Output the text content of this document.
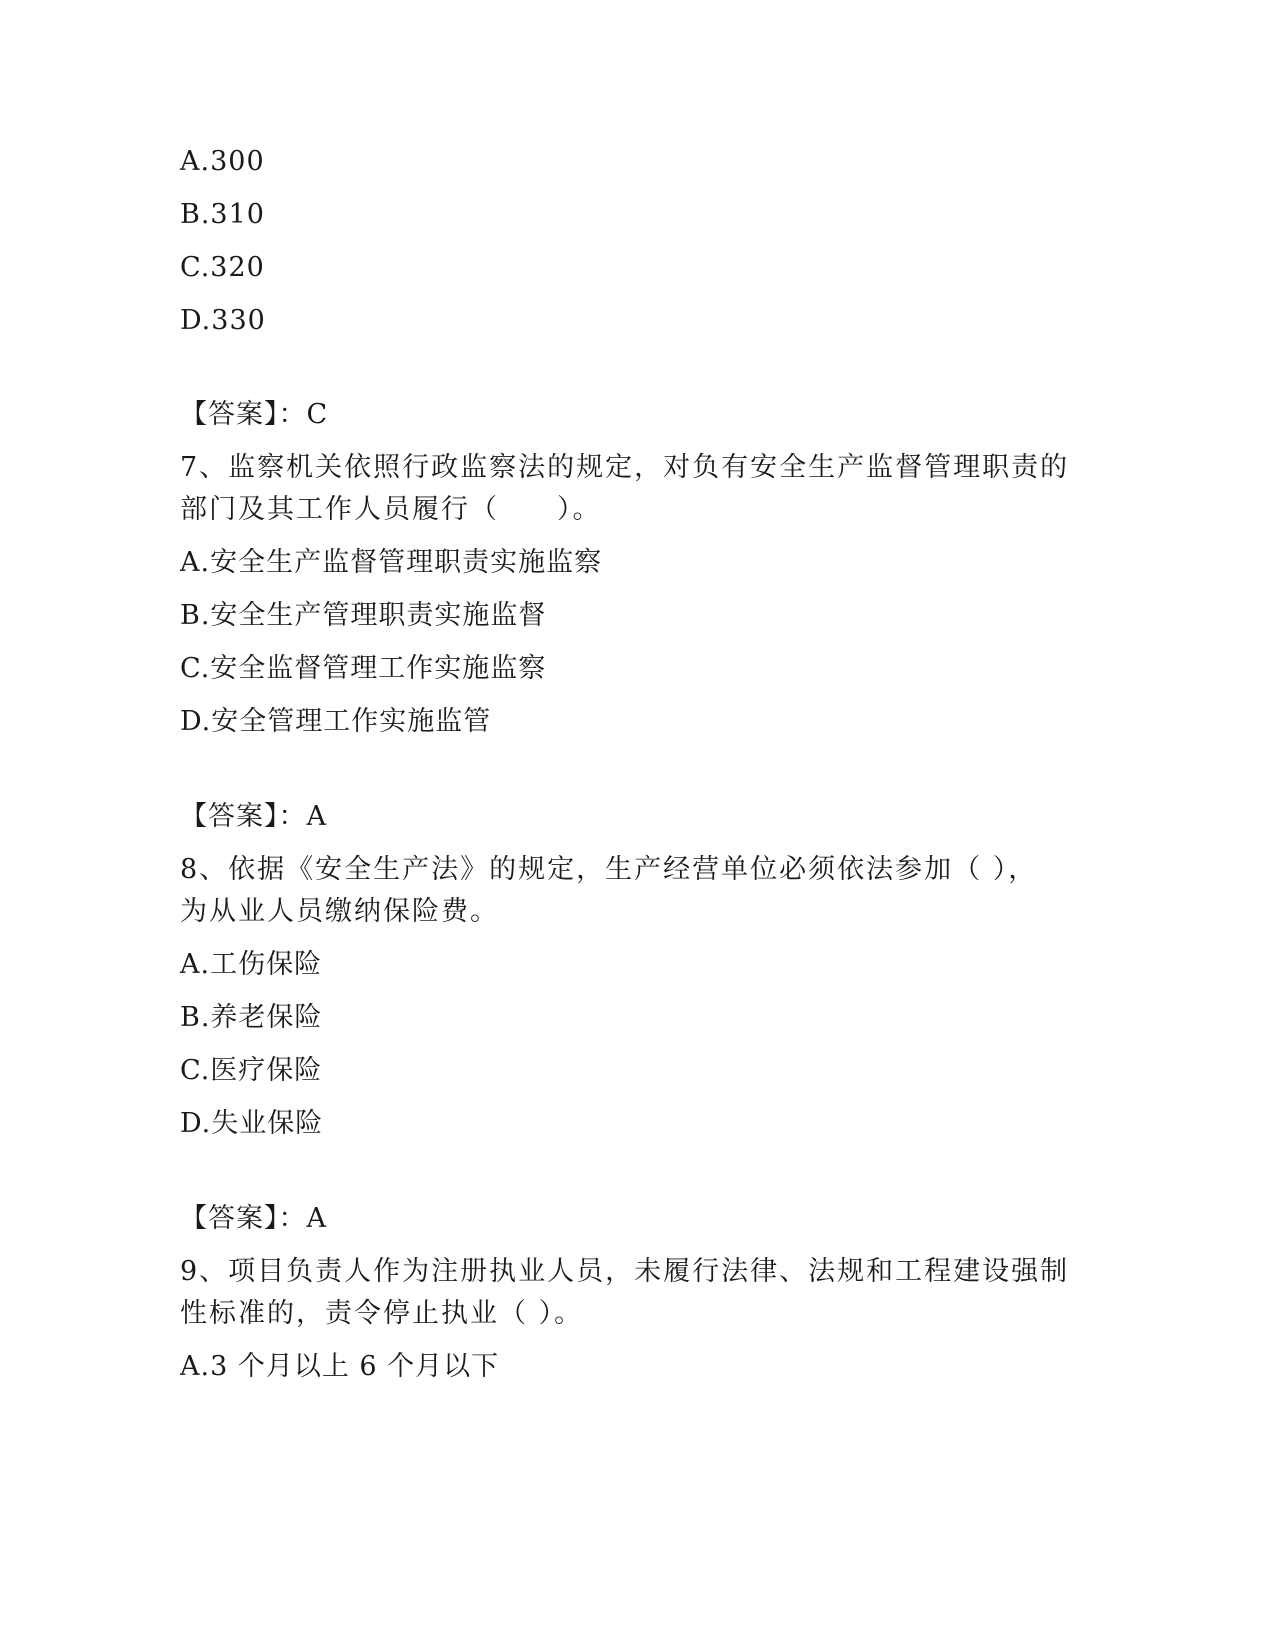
A.300
B.310
C.320
D.330
【答案】：C
7、监察机关依照行政监察法的规定，对负有安全生产监督管理职责的
部门及其工作人员履行（　　）。
A.安全生产监督管理职责实施监察
B.安全生产管理职责实施监督
C.安全监督管理工作实施监察
D.安全管理工作实施监管
【答案】：A
8、依据《安全生产法》的规定，生产经营单位必须依法参加（ ），
为从业人员缴纳保险费。
A.工伤保险
B.养老保险
C.医疗保险
D.失业保险
【答案】：A
9、项目负责人作为注册执业人员，未履行法律、法规和工程建设强制
性标准的，责令停止执业（ ）。
A.3 个月以上 6 个月以下
